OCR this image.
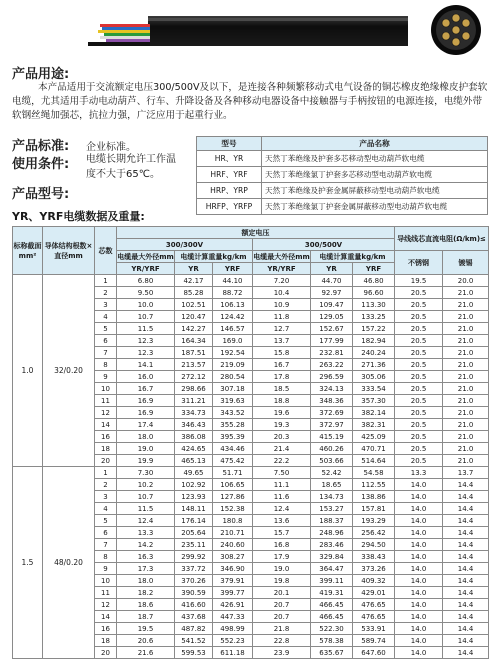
产品用途:
本产品适用于交流额定电压300/500V及以下，是连接各种频繁移动式电气设备的铜芯橡皮绝缘橡皮护套软电缆，尤其适用手动电动葫芦、行车、升降设备及各种移动电器设备中接触器与手柄按钮的电源连接，电缆外带软钢丝绳加强芯，抗拉力强，广泛应用于起重行业。
产品标准: 企业标准。
使用条件: 电缆长期允许工作温度不大于65℃。
产品型号:
型号	产品名称
HR、YR	天然丁苯绝缘及护套多芯移动型电动葫芦软电缆
HRF、YRF	天然丁苯绝缘氯丁护套多芯移动型电动葫芦软电缆
HRP、YRP	天然丁苯绝缘及护套金属屏蔽移动型电动葫芦软电缆
HRFP、YRFP	天然丁苯绝缘氯丁护套金属屏蔽移动型电动葫芦软电缆
YR、YRF电缆数据及重量:
标称截面mm²	导体结构根数×直径mm	芯数	额定电压						导线线芯直流电阻(Ω/km)≤	
			300/300V			300/500V				
			电缆最大外径mm	电缆计算重量kg/km		电缆最大外径mm	电缆计算重量kg/km		不锈钢	镀锡
			YR/YRF	YR	YRF	YR/YRF	YR	YRF		
1.0	32/0.20	1	6.80	42.17	44.10	7.20	44.70	46.80	19.5	20.0
		2	9.50	85.28	88.72	10.4	92.97	96.60	20.5	21.0
		3	10.0	102.51	106.13	10.9	109.47	113.30	20.5	21.0
		4	10.7	120.47	124.42	11.8	129.05	133.25	20.5	21.0
		5	11.5	142.27	146.57	12.7	152.67	157.22	20.5	21.0
		6	12.3	164.34	169.0	13.7	177.99	182.94	20.5	21.0
		7	12.3	187.51	192.54	15.8	232.81	240.24	20.5	21.0
		8	14.1	213.57	219.09	16.7	263.22	271.36	20.5	21.0
		9	16.0	272.12	280.54	17.8	296.59	305.06	20.5	21.0
		10	16.7	298.66	307.18	18.5	324.13	333.54	20.5	21.0
		11	16.9	311.21	319.63	18.8	348.36	357.30	20.5	21.0
		12	16.9	334.73	343.52	19.6	372.69	382.14	20.5	21.0
		14	17.4	346.43	355.28	19.3	372.97	382.31	20.5	21.0
		16	18.0	386.08	395.39	20.3	415.19	425.09	20.5	21.0
		18	19.0	424.65	434.46	21.4	460.26	470.71	20.5	21.0
		20	19.9	465.13	475.42	22.2	503.66	514.64	20.5	21.0
1.5	48/0.20	1	7.30	49.65	51.71	7.50	52.42	54.58	13.3	13.7
		2	10.2	102.92	106.65	11.1	18.65	112.55	14.0	14.4
		3	10.7	123.93	127.86	11.6	134.73	138.86	14.0	14.4
		4	11.5	148.11	152.38	12.4	153.27	157.81	14.0	14.4
		5	12.4	176.14	180.8	13.6	188.37	193.29	14.0	14.4
		6	13.3	205.64	210.71	15.7	248.96	256.42	14.0	14.4
		7	14.2	235.11	240.60	16.8	283.46	294.50	14.0	14.4
		8	16.3	299.92	308.27	17.9	329.84	338.43	14.0	14.4
		9	17.3	337.72	346.90	19.0	364.47	373.26	14.0	14.4
		10	18.0	370.26	379.91	19.8	399.11	409.32	14.0	14.4
		11	18.2	390.59	399.77	20.1	419.31	429.01	14.0	14.4
		12	18.6	416.60	426.91	20.7	466.45	476.65	14.0	14.4
		14	18.7	437.68	447.33	20.7	466.45	476.65	14.0	14.4
		16	19.5	487.82	498.99	21.8	522.30	533.91	14.0	14.4
		18	20.6	541.52	552.23	22.8	578.38	589.74	14.0	14.4
		20	21.6	599.53	611.18	23.9	635.67	647.60	14.0	14.4
